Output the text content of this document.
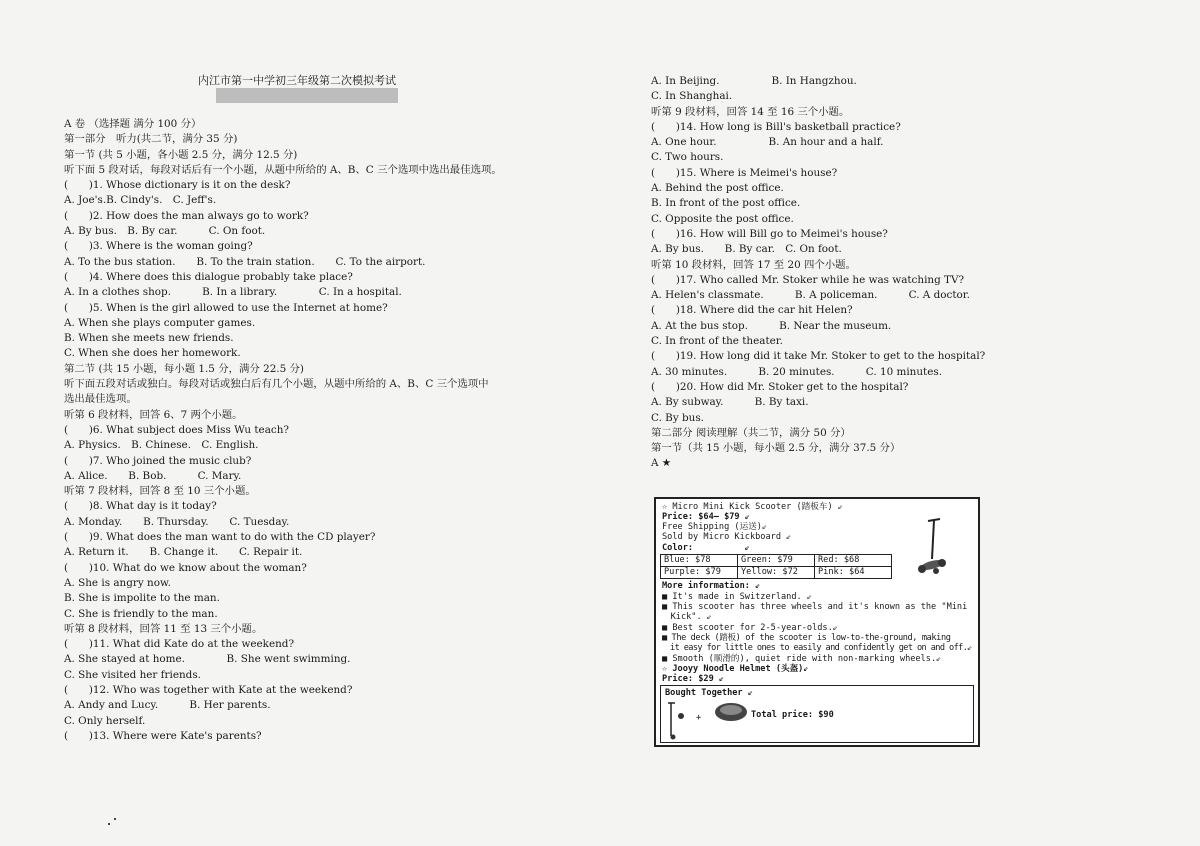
内江市第一中学初三年级第二次模拟考试
A 卷 （选择题 满分 100 分）
第一部分　听力(共二节，满分 35 分)
第一节 (共 5 小题，各小题 2.5 分，满分 12.5 分)
听下面 5 段对话，每段对话后有一个小题，从题中所给的 A、B、C 三个选项中选出最佳选项。
(　　)1. Whose dictionary is it on the desk?
A. Joe's.B. Cindy's.　C. Jeff's.
(　　)2. How does the man always go to work?
A. By bus.　B. By car.　　　C. On foot.
(　　)3. Where is the woman going?
A. To the bus station.　　B. To the train station.　　C. To the airport.
(　　)4. Where does this dialogue probably take place?
A. In a clothes shop.　　　B. In a library.　　　　C. In a hospital.
(　　)5. When is the girl allowed to use the Internet at home?
A. When she plays computer games.
B. When she meets new friends.
C. When she does her homework.
第二节 (共 15 小题，每小题 1.5 分，满分 22.5 分)
听下面五段对话或独白。每段对话或独白后有几个小题，从题中所给的 A、B、C 三个选项中
选出最佳选项。
听第 6 段材料，回答 6、7 两个小题。
(　　)6. What subject does Miss Wu teach?
A. Physics.　B. Chinese.　C. English.
(　　)7. Who joined the music club?
A. Alice.　　B. Bob.　　　C. Mary.
听第 7 段材料，回答 8 至 10 三个小题。
(　　)8. What day is it today?
A. Monday.　　B. Thursday.　　C. Tuesday.
(　　)9. What does the man want to do with the CD player?
A. Return it.　　B. Change it.　　C. Repair it.
(　　)10. What do we know about the woman?
A. She is angry now.
B. She is impolite to the man.
C. She is friendly to the man.
听第 8 段材料，回答 11 至 13 三个小题。
(　　)11. What did Kate do at the weekend?
A. She stayed at home.　　　　B. She went swimming.
C. She visited her friends.
(　　)12. Who was together with Kate at the weekend?
A. Andy and Lucy.　　　B. Her parents.
C. Only herself.
(　　)13. Where were Kate's parents?
A. In Beijing.　　　　　B. In Hangzhou.
C. In Shanghai.
听第 9 段材料，回答 14 至 16 三个小题。
(　　)14. How long is Bill's basketball practice?
A. One hour.　　　　　B. An hour and a half.
C. Two hours.
(　　)15. Where is Meimei's house?
A. Behind the post office.
B. In front of the post office.
C. Opposite the post office.
(　　)16. How will Bill go to Meimei's house?
A. By bus.　　B. By car.　C. On foot.
听第 10 段材料，回答 17 至 20 四个小题。
(　　)17. Who called Mr. Stoker while he was watching TV?
A. Helen's classmate.　　　B. A policeman.　　　C. A doctor.
(　　)18. Where did the car hit Helen?
A. At the bus stop.　　　B. Near the museum.
C. In front of the theater.
(　　)19. How long did it take Mr. Stoker to get to the hospital?
A. 30 minutes.　　　B. 20 minutes.　　　C. 10 minutes.
(　　)20. How did Mr. Stoker get to the hospital?
A. By subway.　　　B. By taxi.
C. By bus.
第二部分 阅读理解（共二节，满分 50 分）
第一节（共 15 小题，每小题 2.5 分，满分 37.5 分）
A ★
☆ Micro Mini Kick Scooter (踏板车) ⇙
Price: $64— $79 ⇙
Free Shipping (运送)⇙
Sold by Micro Kickboard ⇙
Color:　　　　　　⇙
Blue: $78	Green: $79	Red: $68
Purple: $79	Yellow: $72	Pink: $64
More information: ⇙
■ It's made in Switzerland. ⇙
■ This scooter has three wheels and it's known as the "Mini
　Kick". ⇙
■ Best scooter for 2-5-year-olds.⇙
■ The deck (踏板) of the scooter is low-to-the-ground, making
　it easy for little ones to easily and confidently get on and off.⇙
■ Smooth (顺滑的), quiet ride with non-marking wheels.⇙
☆ Jooyy Noodle Helmet (头盔)⇙
Price: $29 ⇙
Bought Together ⇙
+	Total price: $90
